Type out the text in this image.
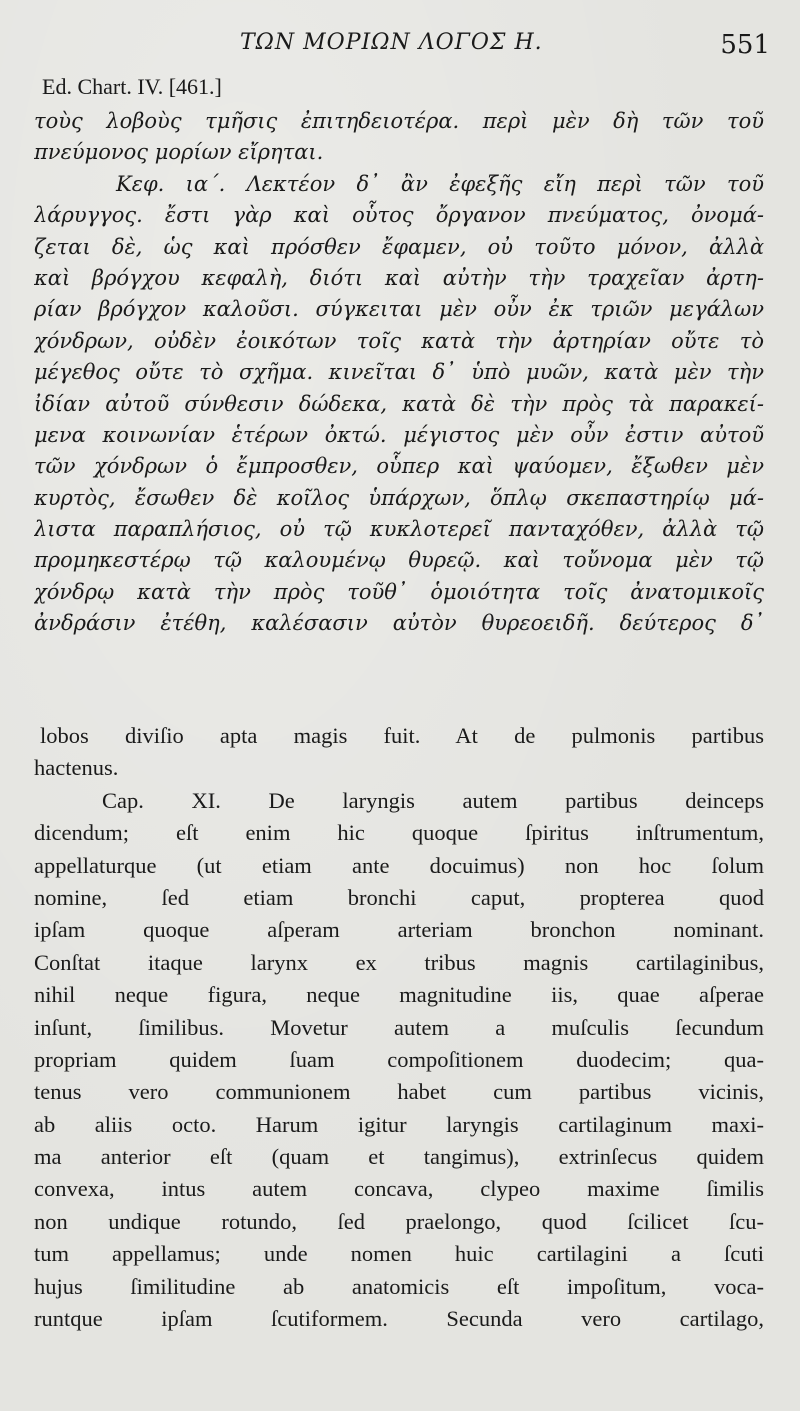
ΤΩΝ ΜΟΡΙΩΝ ΛΟΓΟΣ Η.	551
Ed. Chart. IV. [461.]
τοὺς λοβοὺς τμῆσις ἐπιτηδειοτέρα. περὶ μὲν δὴ τῶν τοῦ
πνεύμονος μορίων εἴρηται.
Κεφ. ια΄. Λεκτέον δ᾽ ἂν ἐφεξῆς εἴη περὶ τῶν τοῦ
λάρυγγος. ἔστι γὰρ καὶ οὗτος ὄργανον πνεύματος, ὀνομά-
ζεται δὲ, ὡς καὶ πρόσθεν ἔφαμεν, οὐ τοῦτο μόνον, ἀλλὰ
καὶ βρόγχου κεφαλὴ, διότι καὶ αὐτὴν τὴν τραχεῖαν ἀρτη-
ρίαν βρόγχον καλοῦσι. σύγκειται μὲν οὖν ἐκ τριῶν μεγάλων
χόνδρων, οὐδὲν ἐοικότων τοῖς κατὰ τὴν ἀρτηρίαν οὔτε τὸ
μέγεθος οὔτε τὸ σχῆμα. κινεῖται δ᾽ ὑπὸ μυῶν, κατὰ μὲν τὴν
ἰδίαν αὐτοῦ σύνθεσιν δώδεκα, κατὰ δὲ τὴν πρὸς τὰ παρακεί-
μενα κοινωνίαν ἑτέρων ὀκτώ. μέγιστος μὲν οὖν ἐστιν αὐτοῦ
τῶν χόνδρων ὁ ἔμπροσθεν, οὗπερ καὶ ψαύομεν, ἔξωθεν μὲν
κυρτὸς, ἔσωθεν δὲ κοῖλος ὑπάρχων, ὅπλῳ σκεπαστηρίῳ μά-
λιστα παραπλήσιος, οὐ τῷ κυκλοτερεῖ πανταχόθεν, ἀλλὰ τῷ
προμηκεστέρῳ τῷ καλουμένῳ θυρεῷ. καὶ τοὔνομα μὲν τῷ
χόνδρῳ κατὰ τὴν πρὸς τοῦθ᾽ ὁμοιότητα τοῖς ἀνατομικοῖς
ἀνδράσιν ἐτέθη, καλέσασιν αὐτὸν θυρεοειδῆ. δεύτερος δ᾽
lobos diviſio apta magis fuit. At de pulmonis partibus
hactenus.
Cap. XI. De laryngis autem partibus deinceps
dicendum; eſt enim hic quoque ſpiritus inſtrumentum,
appellaturque (ut etiam ante docuimus) non hoc ſolum
nomine, ſed etiam bronchi caput, propterea quod
ipſam quoque aſperam arteriam bronchon nominant.
Conſtat itaque larynx ex tribus magnis cartilaginibus,
nihil neque figura, neque magnitudine iis, quae aſperae
inſunt, ſimilibus. Movetur autem a muſculis ſecundum
propriam quidem ſuam compoſitionem duodecim; qua-
tenus vero communionem habet cum partibus vicinis,
ab aliis octo. Harum igitur laryngis cartilaginum maxi-
ma anterior eſt (quam et tangimus), extrinſecus quidem
convexa, intus autem concava, clypeo maxime ſimilis
non undique rotundo, ſed praelongo, quod ſcilicet ſcu-
tum appellamus; unde nomen huic cartilagini a ſcuti
hujus ſimilitudine ab anatomicis eſt impoſitum, voca-
runtque ipſam ſcutiformem. Secunda vero cartilago,
